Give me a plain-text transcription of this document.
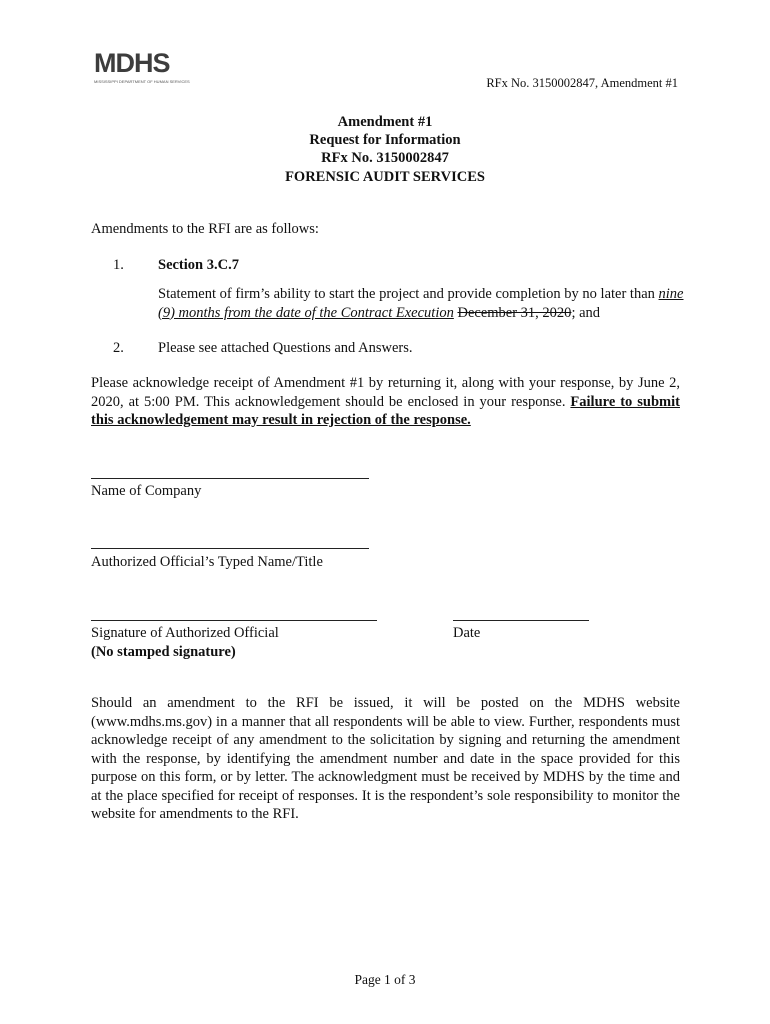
MDHS
MISSISSIPPI DEPARTMENT OF HUMAN SERVICES	RFx No. 3150002847, Amendment #1
Amendment #1
Request for Information
RFx No. 3150002847
FORENSIC AUDIT SERVICES
Amendments to the RFI are as follows:
1. Section 3.C.7
Statement of firm’s ability to start the project and provide completion by no later than nine (9) months from the date of the Contract Execution December 31, 2020; and
2. Please see attached Questions and Answers.
Please acknowledge receipt of Amendment #1 by returning it, along with your response, by June 2, 2020, at 5:00 PM. This acknowledgement should be enclosed in your response. Failure to submit this acknowledgement may result in rejection of the response.
Name of Company
Authorized Official’s Typed Name/Title
Signature of Authorized Official
(No stamped signature)
Date
Should an amendment to the RFI be issued, it will be posted on the MDHS website (www.mdhs.ms.gov) in a manner that all respondents will be able to view. Further, respondents must acknowledge receipt of any amendment to the solicitation by signing and returning the amendment with the response, by identifying the amendment number and date in the space provided for this purpose on this form, or by letter. The acknowledgment must be received by MDHS by the time and at the place specified for receipt of responses. It is the respondent’s sole responsibility to monitor the website for amendments to the RFI.
Page 1 of 3
